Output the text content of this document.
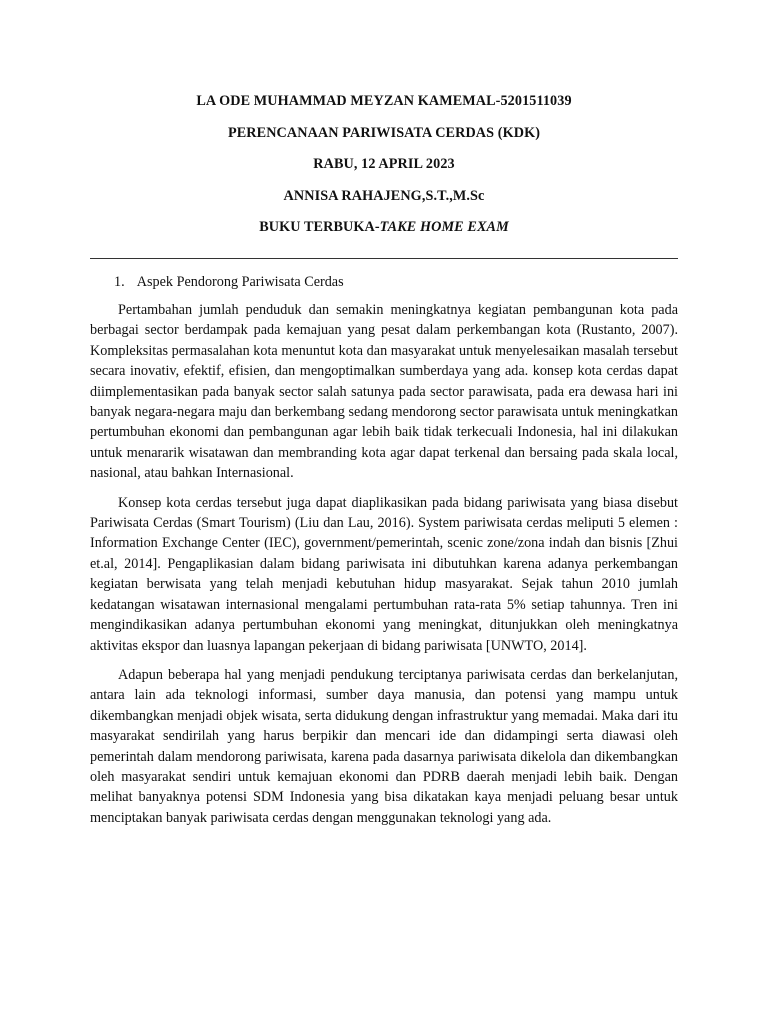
LA ODE MUHAMMAD MEYZAN KAMEMAL-5201511039
PERENCANAAN PARIWISATA CERDAS (KDK)
RABU, 12 APRIL 2023
ANNISA RAHAJENG,S.T.,M.Sc
BUKU TERBUKA-TAKE HOME EXAM
1. Aspek Pendorong Pariwisata Cerdas

Pertambahan jumlah penduduk dan semakin meningkatnya kegiatan pembangunan kota pada berbagai sector berdampak pada kemajuan yang pesat dalam perkembangan kota (Rustanto, 2007). Kompleksitas permasalahan kota menuntut kota dan masyarakat untuk menyelesaikan masalah tersebut secara inovativ, efektif, efisien, dan mengoptimalkan sumberdaya yang ada. konsep kota cerdas dapat diimplementasikan pada banyak sector salah satunya pada sector parawisata, pada era dewasa hari ini banyak negara-negara maju dan berkembang sedang mendorong sector parawisata untuk meningkatkan pertumbuhan ekonomi dan pembangunan agar lebih baik tidak terkecuali Indonesia, hal ini dilakukan untuk menararik wisatawan dan membranding kota agar dapat terkenal dan bersaing pada skala local, nasional, atau bahkan Internasional.

Konsep kota cerdas tersebut juga dapat diaplikasikan pada bidang pariwisata yang biasa disebut Pariwisata Cerdas (Smart Tourism) (Liu dan Lau, 2016). System pariwisata cerdas meliputi 5 elemen : Information Exchange Center (IEC), government/pemerintah, scenic zone/zona indah dan bisnis [Zhui et.al, 2014]. Pengaplikasian dalam bidang pariwisata ini dibutuhkan karena adanya perkembangan kegiatan berwisata yang telah menjadi kebutuhan hidup masyarakat. Sejak tahun 2010 jumlah kedatangan wisatawan internasional mengalami pertumbuhan rata-rata 5% setiap tahunnya. Tren ini mengindikasikan adanya pertumbuhan ekonomi yang meningkat, ditunjukkan oleh meningkatnya aktivitas ekspor dan luasnya lapangan pekerjaan di bidang pariwisata [UNWTO, 2014].

Adapun beberapa hal yang menjadi pendukung terciptanya pariwisata cerdas dan berkelanjutan, antara lain ada teknologi informasi, sumber daya manusia, dan potensi yang mampu untuk dikembangkan menjadi objek wisata, serta didukung dengan infrastruktur yang memadai. Maka dari itu masyarakat sendirilah yang harus berpikir dan mencari ide dan didampingi serta diawasi oleh pemerintah dalam mendorong pariwisata, karena pada dasarnya pariwisata dikelola dan dikembangkan oleh masyarakat sendiri untuk kemajuan ekonomi dan PDRB daerah menjadi lebih baik. Dengan melihat banyaknya potensi SDM Indonesia yang bisa dikatakan kaya menjadi peluang besar untuk menciptakan banyak pariwisata cerdas dengan menggunakan teknologi yang ada.
